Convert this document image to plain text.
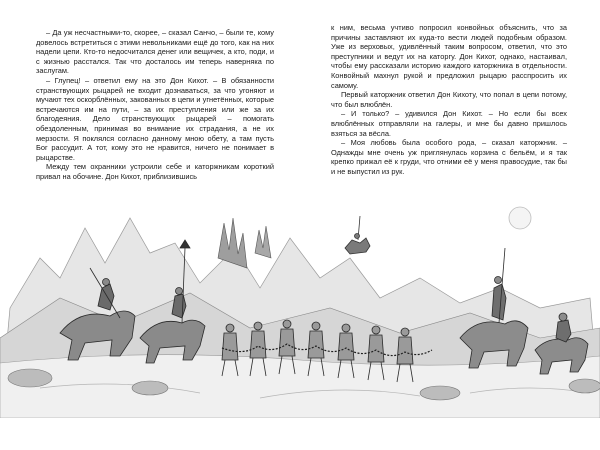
– Да уж несчастными-то, скорее, – сказал Санчо, – были те, кому довелось встретиться с этими невольниками ещё до того, как на них надели цепи. Кто-то недосчитался денег или вещичек, а кто, поди, и с жизнью расстался. Так что досталось им теперь наверняка по заслугам.

– Глупец! – ответил ему на это Дон Кихот. – В обязанности странствующих рыцарей не входит дознаваться, за что угоняют и мучают тех оскорблённых, закованных в цепи и угнетённых, которые встречаются им на пути, – за их преступления или же за их благодеяния. Дело странствующих рыцарей – помогать обездоленным, принимая во внимание их страдания, а не их мерзости. Я поклялся согласно данному мною обету, а там пусть Бог рассудит. А тот, кому это не нравится, ничего не понимает в рыцарстве.

Между тем охранники устроили себе и каторжникам короткий привал на обочине. Дон Кихот, приблизившись

к ним, весьма учтиво попросил конвойных объяснить, что за причины заставляют их куда-то вести людей подобным образом. Уже из верховых, удивлённый таким вопросом, ответил, что это преступники и ведут их на каторгу. Дон Кихот, однако, настаивал, чтобы ему рассказали историю каждого каторжника в отдельности. Конвойный махнул рукой и предложил рыцарю расспросить их самому.

Первый каторжник ответил Дон Кихоту, что попал в цепи потому, что был влюблён.

– И только? – удивился Дон Кихот. – Но если бы всех влюблённых отправляли на галеры, и мне бы давно пришлось взяться за вёсла.

– Моя любовь была особого рода, – сказал каторжник. – Однажды мне очень уж приглянулась корзина с бельём, и я так крепко прижал её к груди, что отними её у меня правосудие, так бы и не выпустил из рук.
